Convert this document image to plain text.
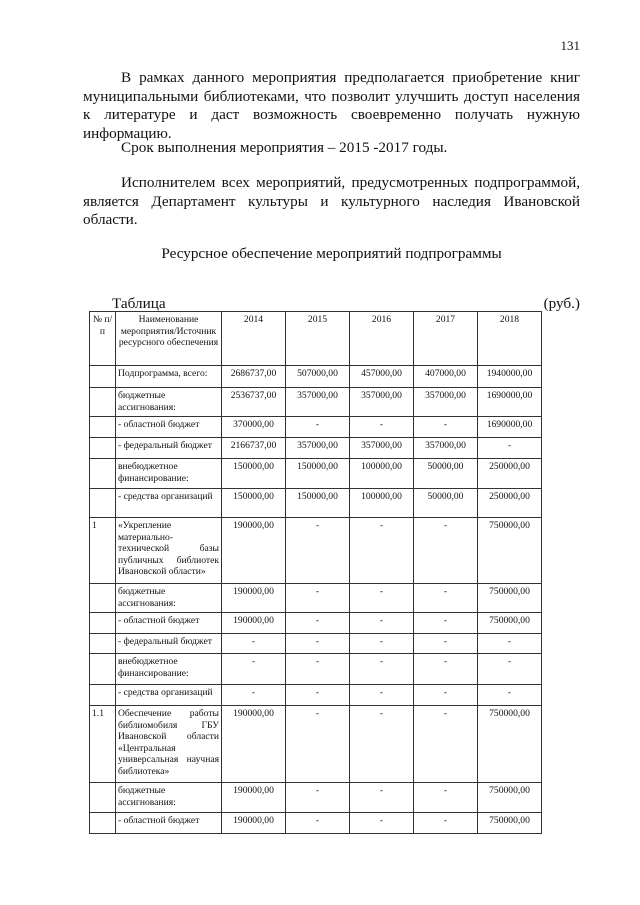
131
В рамках данного мероприятия предполагается приобретение книг
муниципальными библиотеками, что позволит улучшить доступ населения
к литературе и даст возможность своевременно получать нужную
информацию.
Срок выполнения мероприятия – 2015 -2017 годы.
Исполнителем всех мероприятий, предусмотренных подпрограммой,
является Департамент культуры и культурного наследия Ивановской
области.
Ресурсное обеспечение мероприятий подпрограммы
Таблица	(руб.)
№ п/п	Наименование мероприятия/Источник ресурсного обеспечения	2014	2015	2016	2017	2018
	Подпрограмма, всего:	2686737,00	507000,00	457000,00	407000,00	1940000,00
	бюджетные ассигнования:	2536737,00	357000,00	357000,00	357000,00	1690000,00
	- областной бюджет	370000,00	-	-	-	1690000,00
	- федеральный бюджет	2166737,00	357000,00	357000,00	357000,00	-
	внебюджетное финансирование:	150000,00	150000,00	100000,00	50000,00	250000,00
	- средства организаций	150000,00	150000,00	100000,00	50000,00	250000,00
1	«Укрепление материально-технической базы публичных библиотек Ивановской области»	190000,00	-	-	-	750000,00
	бюджетные ассигнования:	190000,00	-	-	-	750000,00
	- областной бюджет	190000,00	-	-	-	750000,00
	- федеральный бюджет	-	-	-	-	-
	внебюджетное финансирование:	-	-	-	-	-
	- средства организаций	-	-	-	-	-
1.1	Обеспечение работы библиомобиля ГБУ Ивановской области «Центральная универсальная научная библиотека»	190000,00	-	-	-	750000,00
	бюджетные ассигнования:	190000,00	-	-	-	750000,00
	- областной бюджет	190000,00	-	-	-	750000,00
